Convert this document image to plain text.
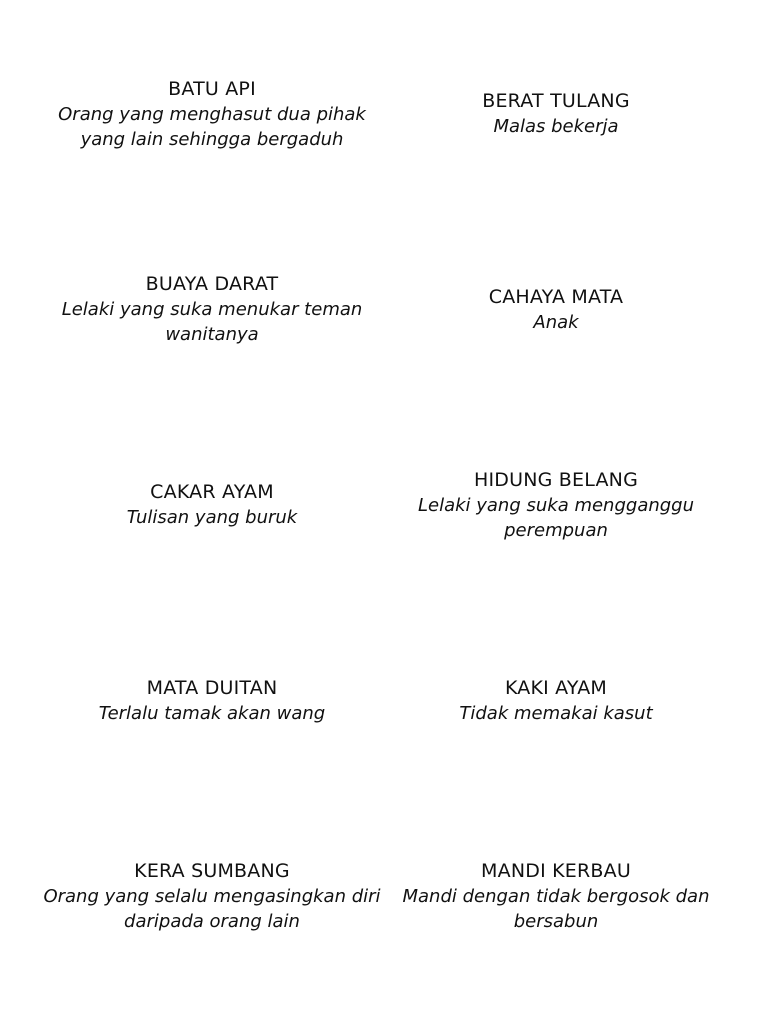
BATU API
Orang yang menghasut dua pihak yang lain sehingga bergaduh
BERAT TULANG
Malas bekerja
BUAYA DARAT
Lelaki yang suka menukar teman wanitanya
CAHAYA MATA
Anak
CAKAR AYAM
Tulisan yang buruk
HIDUNG BELANG
Lelaki yang suka mengganggu perempuan
MATA DUITAN
Terlalu tamak akan wang
KAKI AYAM
Tidak memakai kasut
KERA SUMBANG
Orang yang selalu mengasingkan diri daripada orang lain
MANDI KERBAU
Mandi dengan tidak bergosok dan bersabun
